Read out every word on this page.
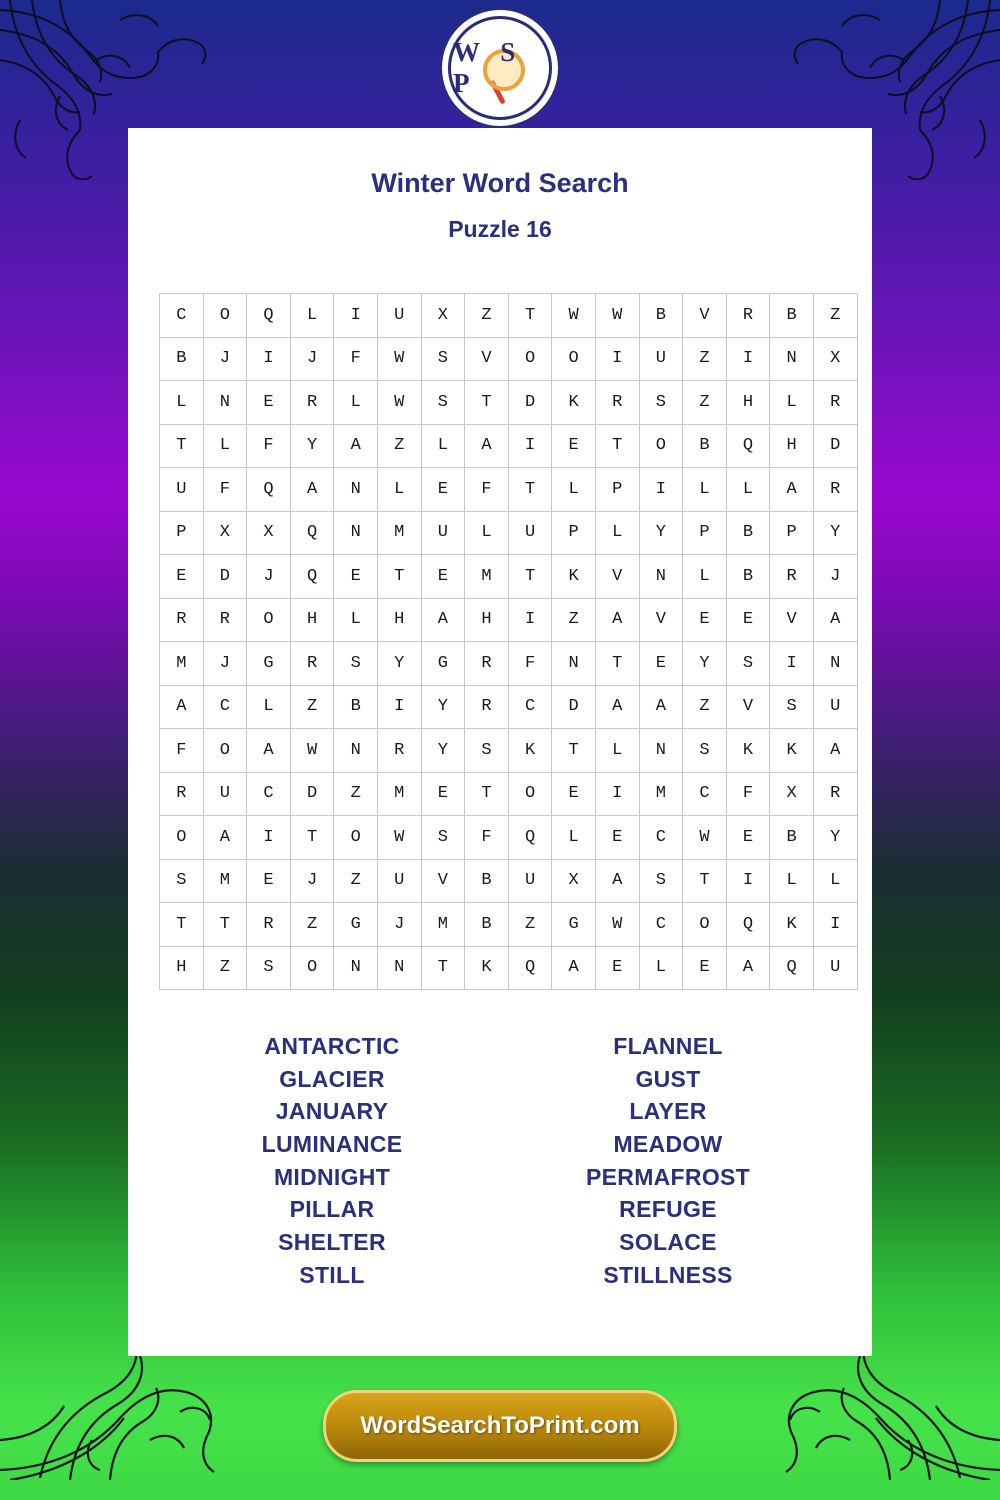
W S P
Winter Word Search
Puzzle 16
C	O	Q	L	I	U	X	Z	T	W	W	B	V	R	B	Z
B	J	I	J	F	W	S	V	O	O	I	U	Z	I	N	X
L	N	E	R	L	W	S	T	D	K	R	S	Z	H	L	R
T	L	F	Y	A	Z	L	A	I	E	T	O	B	Q	H	D
U	F	Q	A	N	L	E	F	T	L	P	I	L	L	A	R
P	X	X	Q	N	M	U	L	U	P	L	Y	P	B	P	Y
E	D	J	Q	E	T	E	M	T	K	V	N	L	B	R	J
R	R	O	H	L	H	A	H	I	Z	A	V	E	E	V	A
M	J	G	R	S	Y	G	R	F	N	T	E	Y	S	I	N
A	C	L	Z	B	I	Y	R	C	D	A	A	Z	V	S	U
F	O	A	W	N	R	Y	S	K	T	L	N	S	K	K	A
R	U	C	D	Z	M	E	T	O	E	I	M	C	F	X	R
O	A	I	T	O	W	S	F	Q	L	E	C	W	E	B	Y
S	M	E	J	Z	U	V	B	U	X	A	S	T	I	L	L
T	T	R	Z	G	J	M	B	Z	G	W	C	O	Q	K	I
H	Z	S	O	N	N	T	K	Q	A	E	L	E	A	Q	U
ANTARCTIC
GLACIER
JANUARY
LUMINANCE
MIDNIGHT
PILLAR
SHELTER
STILL
FLANNEL
GUST
LAYER
MEADOW
PERMAFROST
REFUGE
SOLACE
STILLNESS
WordSearchToPrint.com
